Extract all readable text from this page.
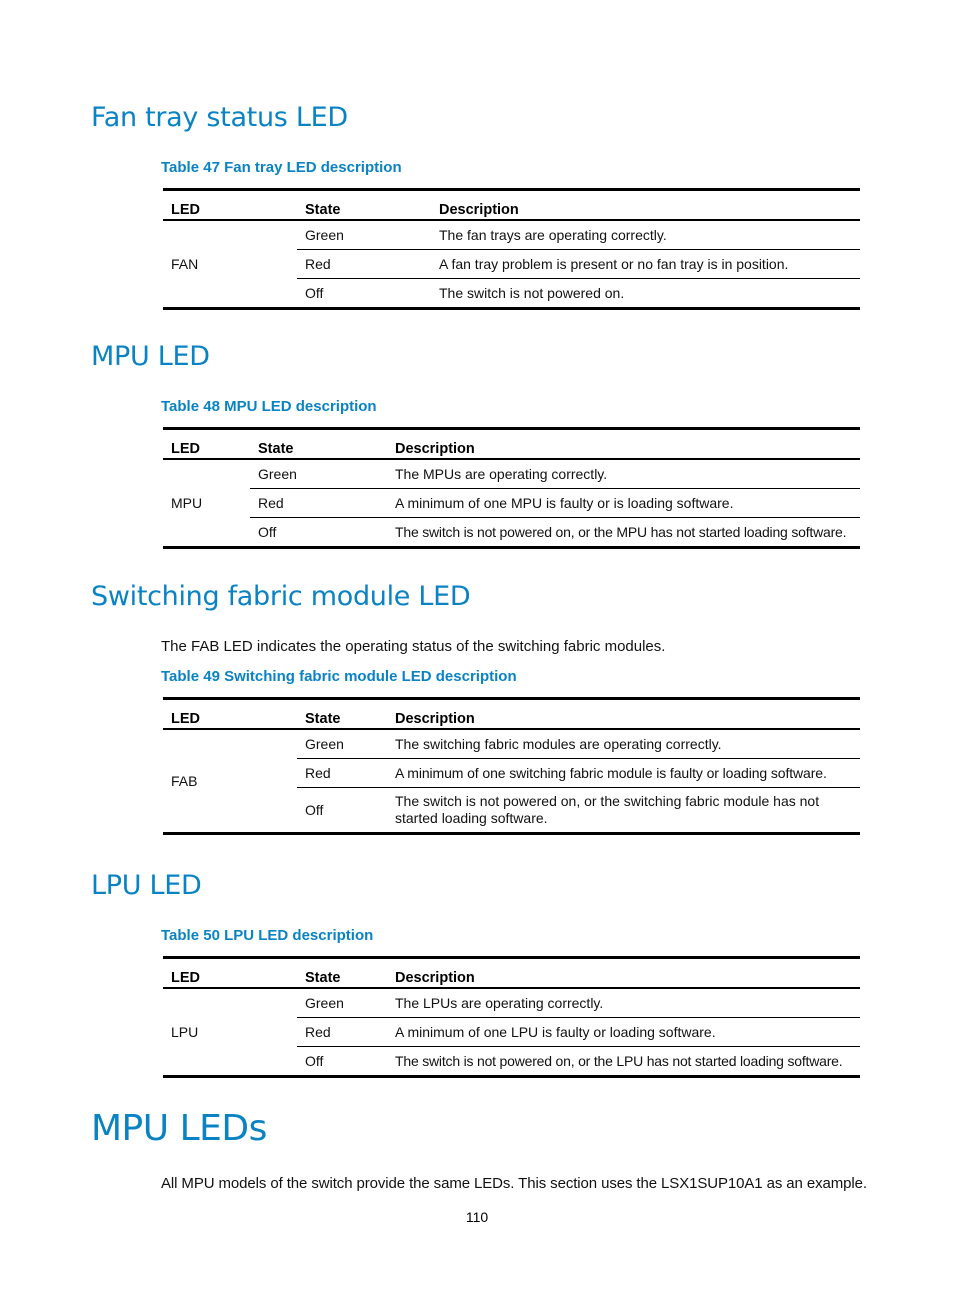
Fan tray status LED

Table 47 Fan tray LED description

LED	State	Description
FAN	Green	The fan trays are operating correctly.
	Red	A fan tray problem is present or no fan tray is in position.
	Off	The switch is not powered on.
MPU LED

Table 48 MPU LED description

LED	State	Description
MPU	Green	The MPUs are operating correctly.
	Red	A minimum of one MPU is faulty or is loading software.
	Off	The switch is not powered on, or the MPU has not started loading software.
Switching fabric module LED

The FAB LED indicates the operating status of the switching fabric modules.

Table 49 Switching fabric module LED description

LED	State	Description
FAB	Green	The switching fabric modules are operating correctly.
	Red	A minimum of one switching fabric module is faulty or loading software.
	Off	The switch is not powered on, or the switching fabric module has not started loading software.
LPU LED

Table 50 LPU LED description

LED	State	Description
LPU	Green	The LPUs are operating correctly.
	Red	A minimum of one LPU is faulty or loading software.
	Off	The switch is not powered on, or the LPU has not started loading software.
MPU LEDs

All MPU models of the switch provide the same LEDs. This section uses the LSX1SUP10A1 as an example.

110
